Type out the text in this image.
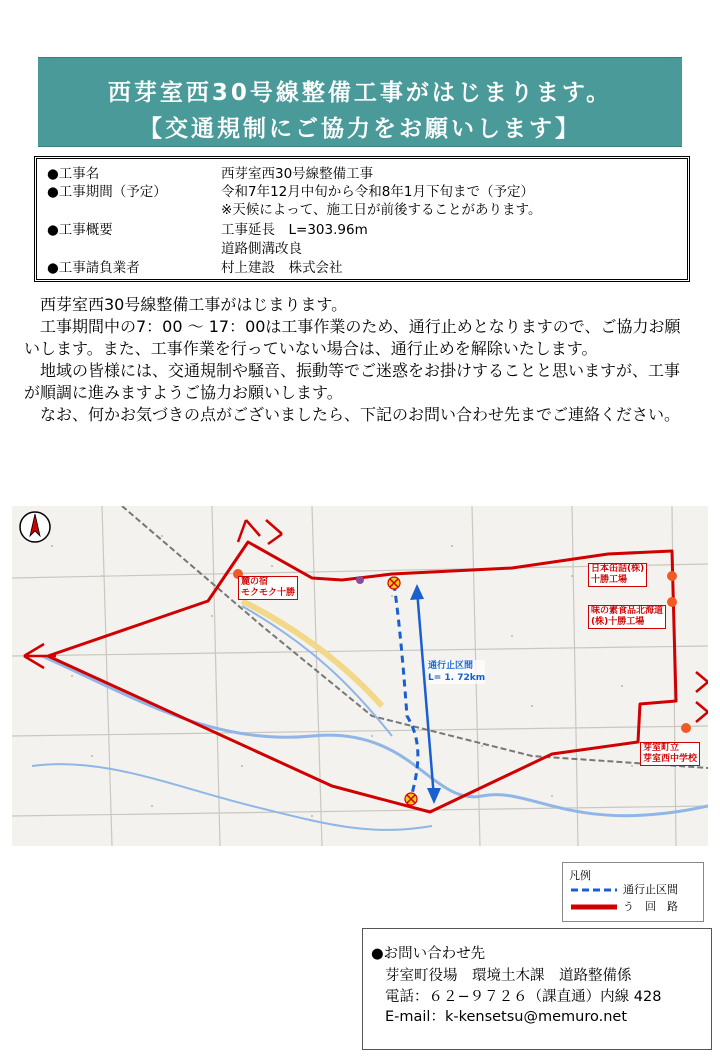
西芽室西30号線整備工事がはじまります。
【交通規制にご協力をお願いします】
●工事名	西芽室西30号線整備工事
●工事期間（予定）	令和7年12月中旬から令和8年1月下旬まで（予定）
※天候によって、施工日が前後することがあります。
●工事概要	工事延長　L=303.96m
道路側溝改良
●工事請負業者	村上建設　株式会社

西芽室西30号線整備工事がはじまります。

工事期間中の7：00 〜 17：00は工事作業のため、通行止めとなりますので、ご協力お願いします。また、工事作業を行っていない場合は、通行止めを解除いたします。

地域の皆様には、交通規制や騒音、振動等でご迷惑をお掛けすることと思いますが、工事が順調に進みますようご協力お願いします。

なお、何かお気づきの点がございましたら、下記のお問い合わせ先までご連絡ください。

麓の宿
モクモク十勝
日本缶詰(株)
十勝工場
味の素食品北海道
(株)十勝工場
芽室町立
芽室西中学校
通行止区間
L= 1. 72km
凡例
通行止区間
う　回　路
●お問い合わせ先
芽室町役場　環境土木課　道路整備係
電話：６２−９７２６（課直通）内線 428
E-mail：k-kensetsu@memuro.net
